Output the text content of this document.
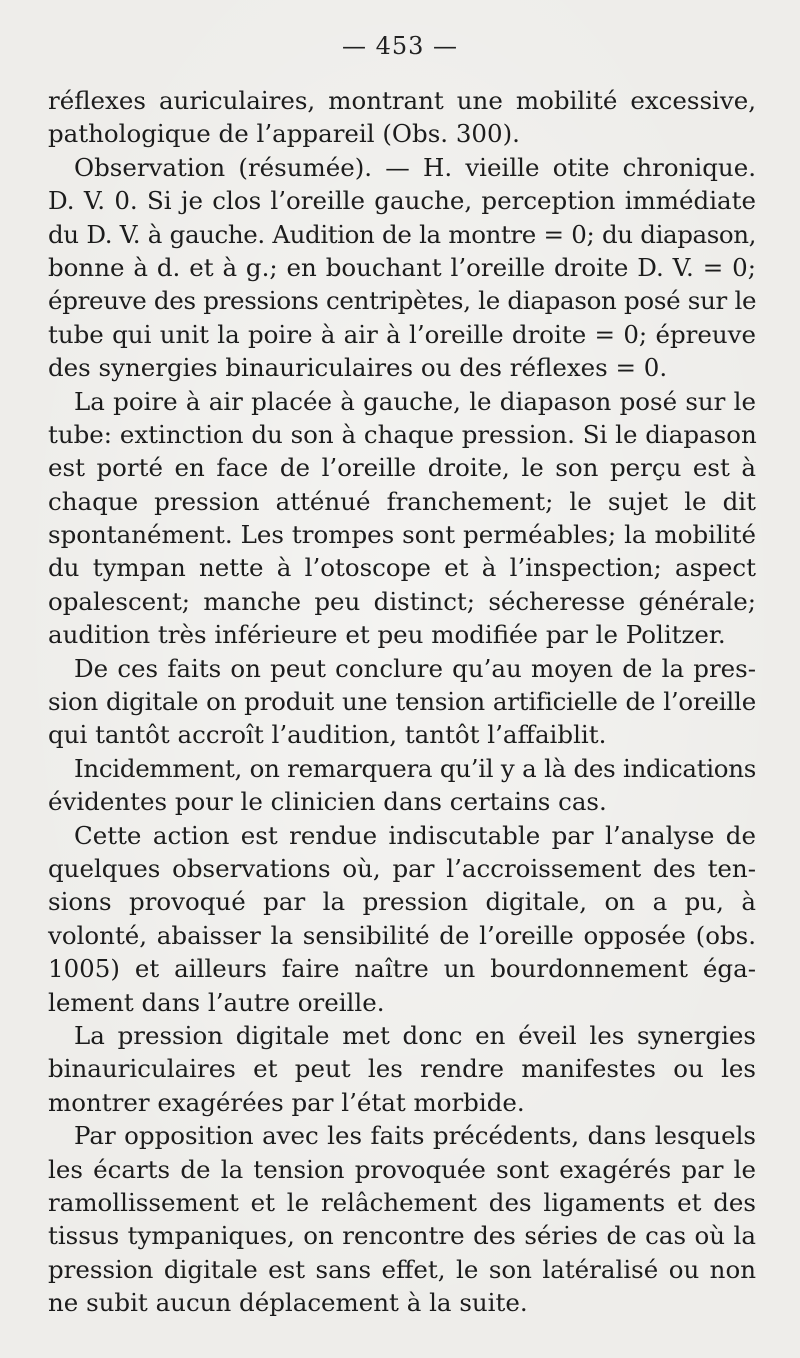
— 453 —
réflexes auriculaires, montrant une mobilité excessive,
pathologique de l’appareil (Obs. 300).
Observation (résumée). — H. vieille otite chronique.
D. V. 0. Si je clos l’oreille gauche, perception immédiate
du D. V. à gauche. Audition de la montre = 0; du diapason,
bonne à d. et à g.; en bouchant l’oreille droite D. V. = 0;
épreuve des pressions centripètes, le diapason posé sur le
tube qui unit la poire à air à l’oreille droite = 0; épreuve
des synergies binauriculaires ou des réflexes = 0.
La poire à air placée à gauche, le diapason posé sur le
tube: extinction du son à chaque pression. Si le diapason
est porté en face de l’oreille droite, le son perçu est à
chaque pression atténué franchement; le sujet le dit
spontanément. Les trompes sont perméables; la mobilité
du tympan nette à l’otoscope et à l’inspection; aspect
opalescent; manche peu distinct; sécheresse générale;
audition très inférieure et peu modifiée par le Politzer.
De ces faits on peut conclure qu’au moyen de la pres-
sion digitale on produit une tension artificielle de l’oreille
qui tantôt accroît l’audition, tantôt l’affaiblit.
Incidemment, on remarquera qu’il y a là des indications
évidentes pour le clinicien dans certains cas.
Cette action est rendue indiscutable par l’analyse de
quelques observations où, par l’accroissement des ten-
sions provoqué par la pression digitale, on a pu, à
volonté, abaisser la sensibilité de l’oreille opposée (obs.
1005) et ailleurs faire naître un bourdonnement éga-
lement dans l’autre oreille.
La pression digitale met donc en éveil les synergies
binauriculaires et peut les rendre manifestes ou les
montrer exagérées par l’état morbide.
Par opposition avec les faits précédents, dans lesquels
les écarts de la tension provoquée sont exagérés par le
ramollissement et le relâchement des ligaments et des
tissus tympaniques, on rencontre des séries de cas où la
pression digitale est sans effet, le son latéralisé ou non
ne subit aucun déplacement à la suite.
